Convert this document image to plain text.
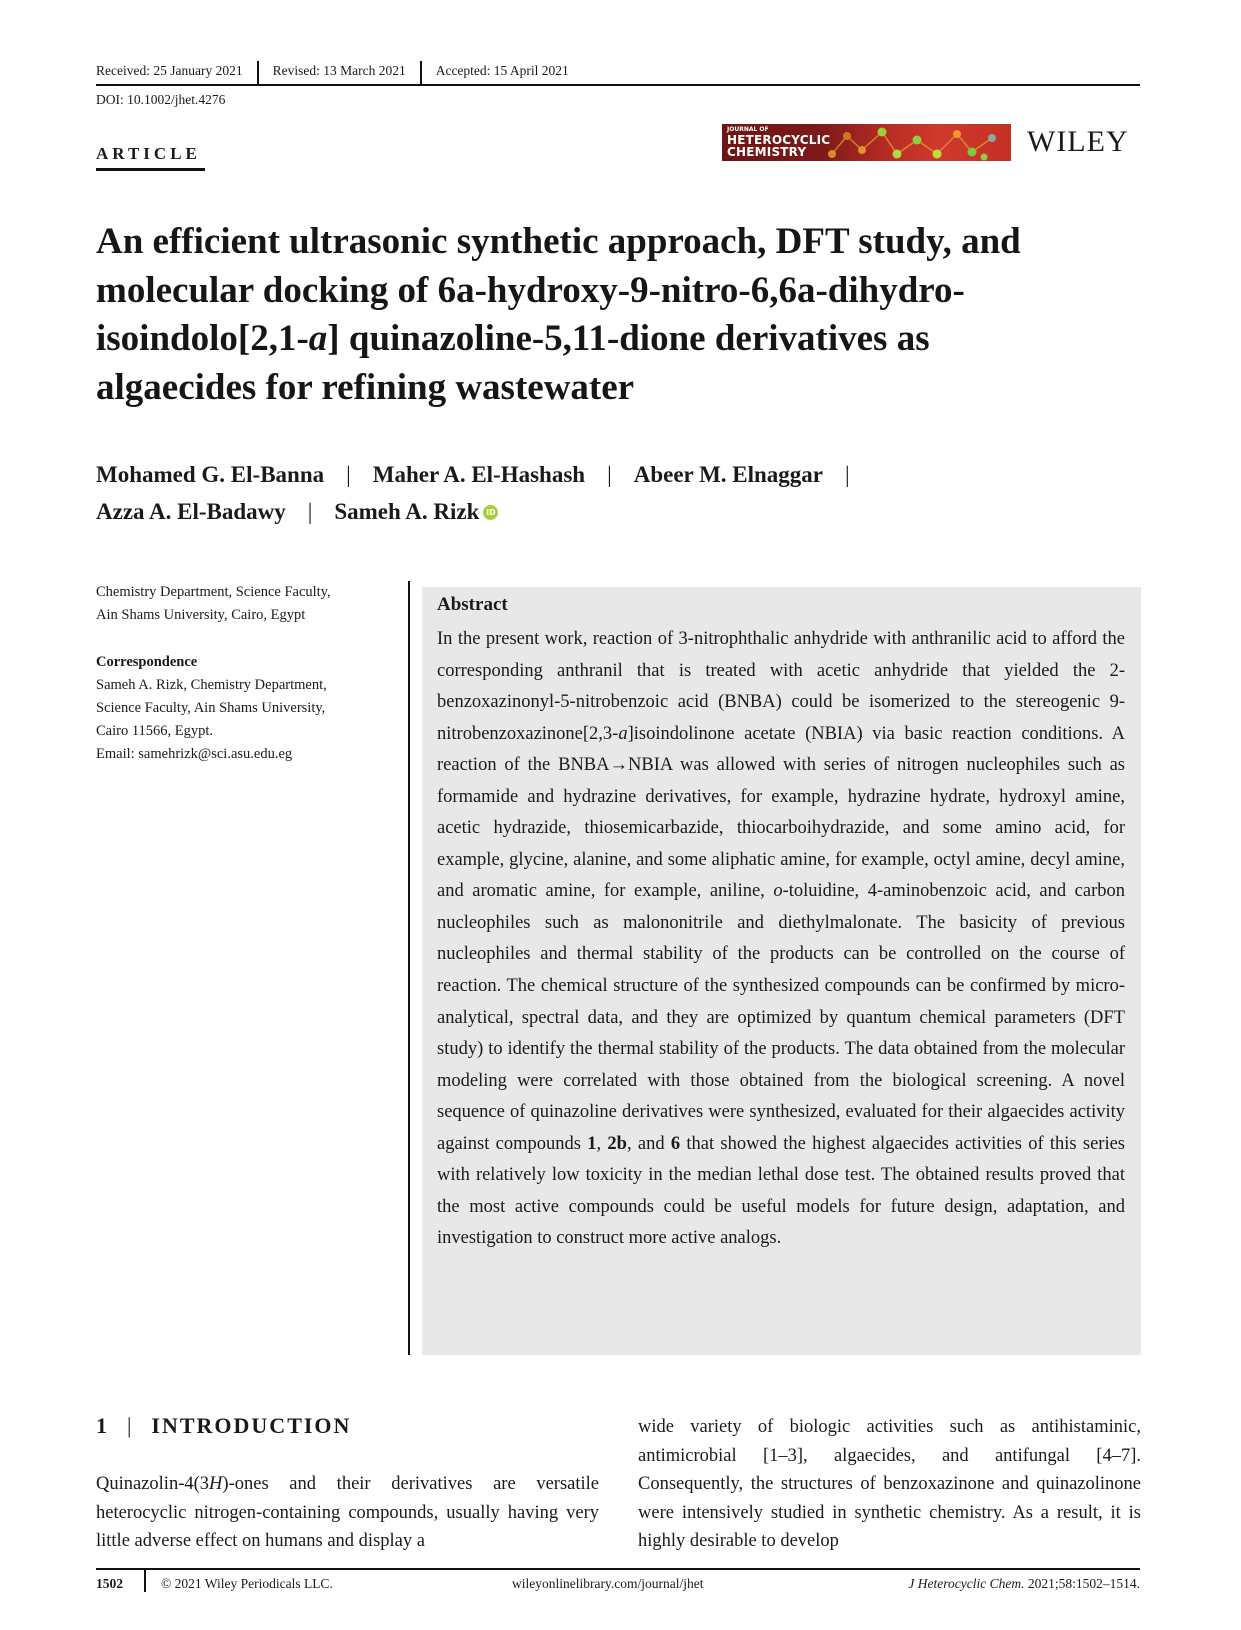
Received: 25 January 2021	Revised: 13 March 2021	Accepted: 15 April 2021
DOI: 10.1002/jhet.4276
ARTICLE
JOURNAL OF
HETEROCYCLIC
CHEMISTRY	WILEY
An efficient ultrasonic synthetic approach, DFT study, and
molecular docking of 6a-hydroxy-9-nitro-6,6a-dihydro-
isoindolo[2,1-a] quinazoline-5,11-dione derivatives as
algaecides for refining wastewater
Mohamed G. El-Banna | Maher A. El-Hashash | Abeer M. Elnaggar |
Azza A. El-Badawy | Sameh A. Rizk iD
Chemistry Department, Science Faculty,
Ain Shams University, Cairo, Egypt
Correspondence
Sameh A. Rizk, Chemistry Department,
Science Faculty, Ain Shams University,
Cairo 11566, Egypt.
Email: samehrizk@sci.asu.edu.eg
Abstract
In the present work, reaction of 3-nitrophthalic anhydride with anthranilic acid to afford the corresponding anthranil that is treated with acetic anhydride that yielded the 2-benzoxazinonyl-5-nitrobenzoic acid (BNBA) could be isomerized to the stereogenic 9-nitrobenzoxazinone[2,3-a]isoindolinone acetate (NBIA) via basic reaction conditions. A reaction of the BNBA→NBIA was allowed with series of nitrogen nucleophiles such as formamide and hydrazine derivatives, for example, hydrazine hydrate, hydroxyl amine, acetic hydrazide, thiosemicarbazide, thiocarboihydrazide, and some amino acid, for example, glycine, alanine, and some aliphatic amine, for example, octyl amine, decyl amine, and aromatic amine, for example, aniline, o-toluidine, 4-aminobenzoic acid, and carbon nucleophiles such as malononitrile and diethylmalonate. The basicity of previous nucleophiles and thermal stability of the products can be controlled on the course of reaction. The chemical structure of the synthesized compounds can be confirmed by micro-analytical, spectral data, and they are optimized by quantum chemical parameters (DFT study) to identify the thermal stability of the products. The data obtained from the molecular modeling were correlated with those obtained from the biological screening. A novel sequence of quinazoline derivatives were synthesized, evaluated for their algaecides activity against compounds 1, 2b, and 6 that showed the highest algaecides activities of this series with relatively low toxicity in the median lethal dose test. The obtained results proved that the most active compounds could be useful models for future design, adaptation, and investigation to construct more active analogs.
1 | INTRODUCTION
Quinazolin-4(3H)-ones and their derivatives are versatile heterocyclic nitrogen-containing compounds, usually having very little adverse effect on humans and display a
wide variety of biologic activities such as antihistaminic, antimicrobial [1–3], algaecides, and antifungal [4–7]. Consequently, the structures of benzoxazinone and quinazolinone were intensively studied in synthetic chemistry. As a result, it is highly desirable to develop
1502	© 2021 Wiley Periodicals LLC.	wileyonlinelibrary.com/journal/jhet	J Heterocyclic Chem. 2021;58:1502–1514.
